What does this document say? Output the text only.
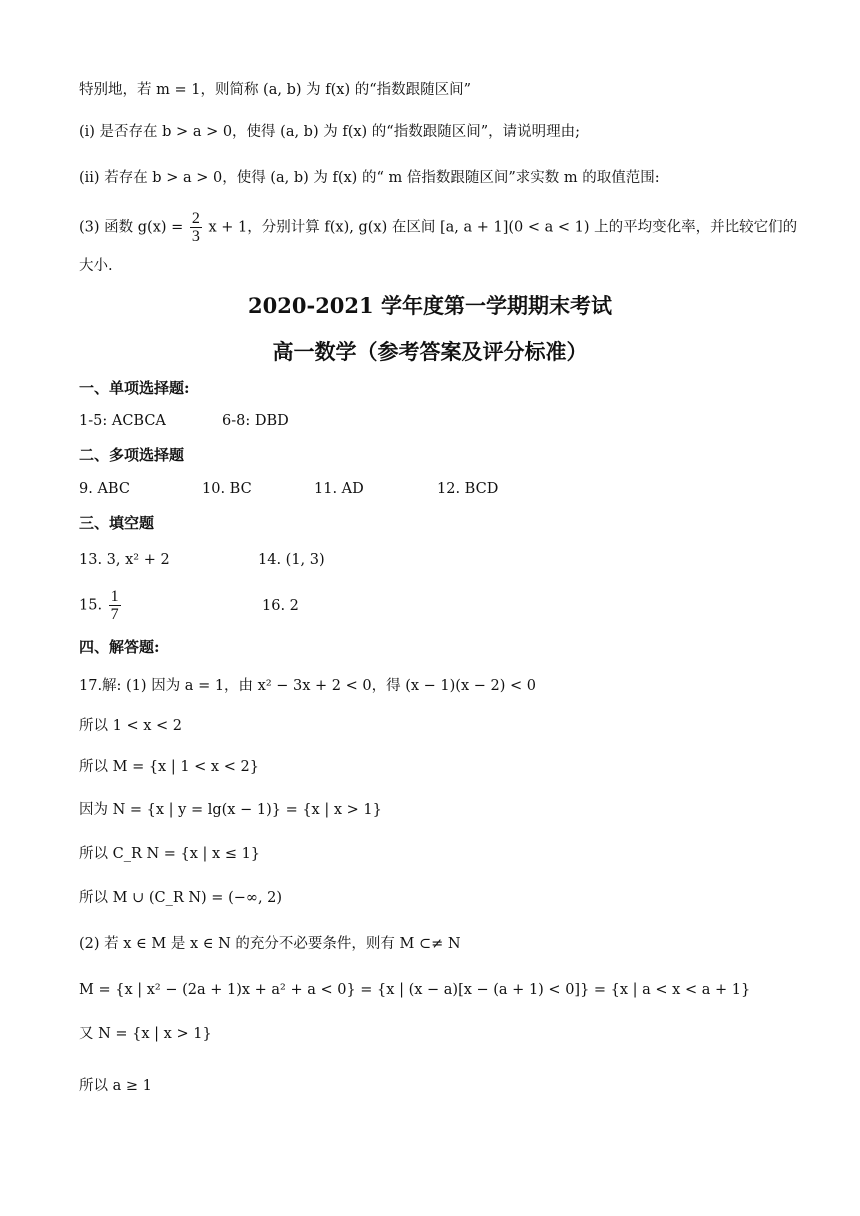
特别地，若 m = 1，则简称 (a, b) 为 f(x) 的“指数跟随区间”
(i) 是否存在 b > a > 0，使得 (a, b) 为 f(x) 的“指数跟随区间”，请说明理由;
(ii) 若存在 b > a > 0，使得 (a, b) 为 f(x) 的“ m 倍指数跟随区间”求实数 m 的取值范围:
(3) 函数 $g(x) = \frac{2}{3}$ x + 1，分别计算 f(x), g(x) 在区间 [a, a + 1](0 < a < 1) 上的平均变化率，并比较它们的
大小.
2020-2021 学年度第一学期期末考试
高一数学（参考答案及评分标准）
一、单项选择题:
1-5: ACBCA	6-8: DBD
二、多项选择题
9. ABC	10. BC	11. AD	12. BCD
三、填空题
13. 3, x² + 2	14. (1, 3)
15. $\frac{1}{7}$	16. 2
四、解答题:
17.解: (1) 因为 a = 1，由 x² − 3x + 2 < 0，得 (x − 1)(x − 2) < 0
所以 1 < x < 2
所以 M = {x | 1 < x < 2}
因为 N = {x | y = lg(x − 1)} = {x | x > 1}
所以 C_R N = {x | x ≤ 1}
所以 M ∪ (C_R N) = (−∞, 2)
(2) 若 x ∈ M 是 x ∈ N 的充分不必要条件，则有 M ⊂≠ N
M = {x | x² − (2a + 1)x + a² + a < 0} = {x | (x − a)[x − (a + 1) < 0]} = {x | a < x < a + 1}
又 N = {x | x > 1}
所以 a ≥ 1
